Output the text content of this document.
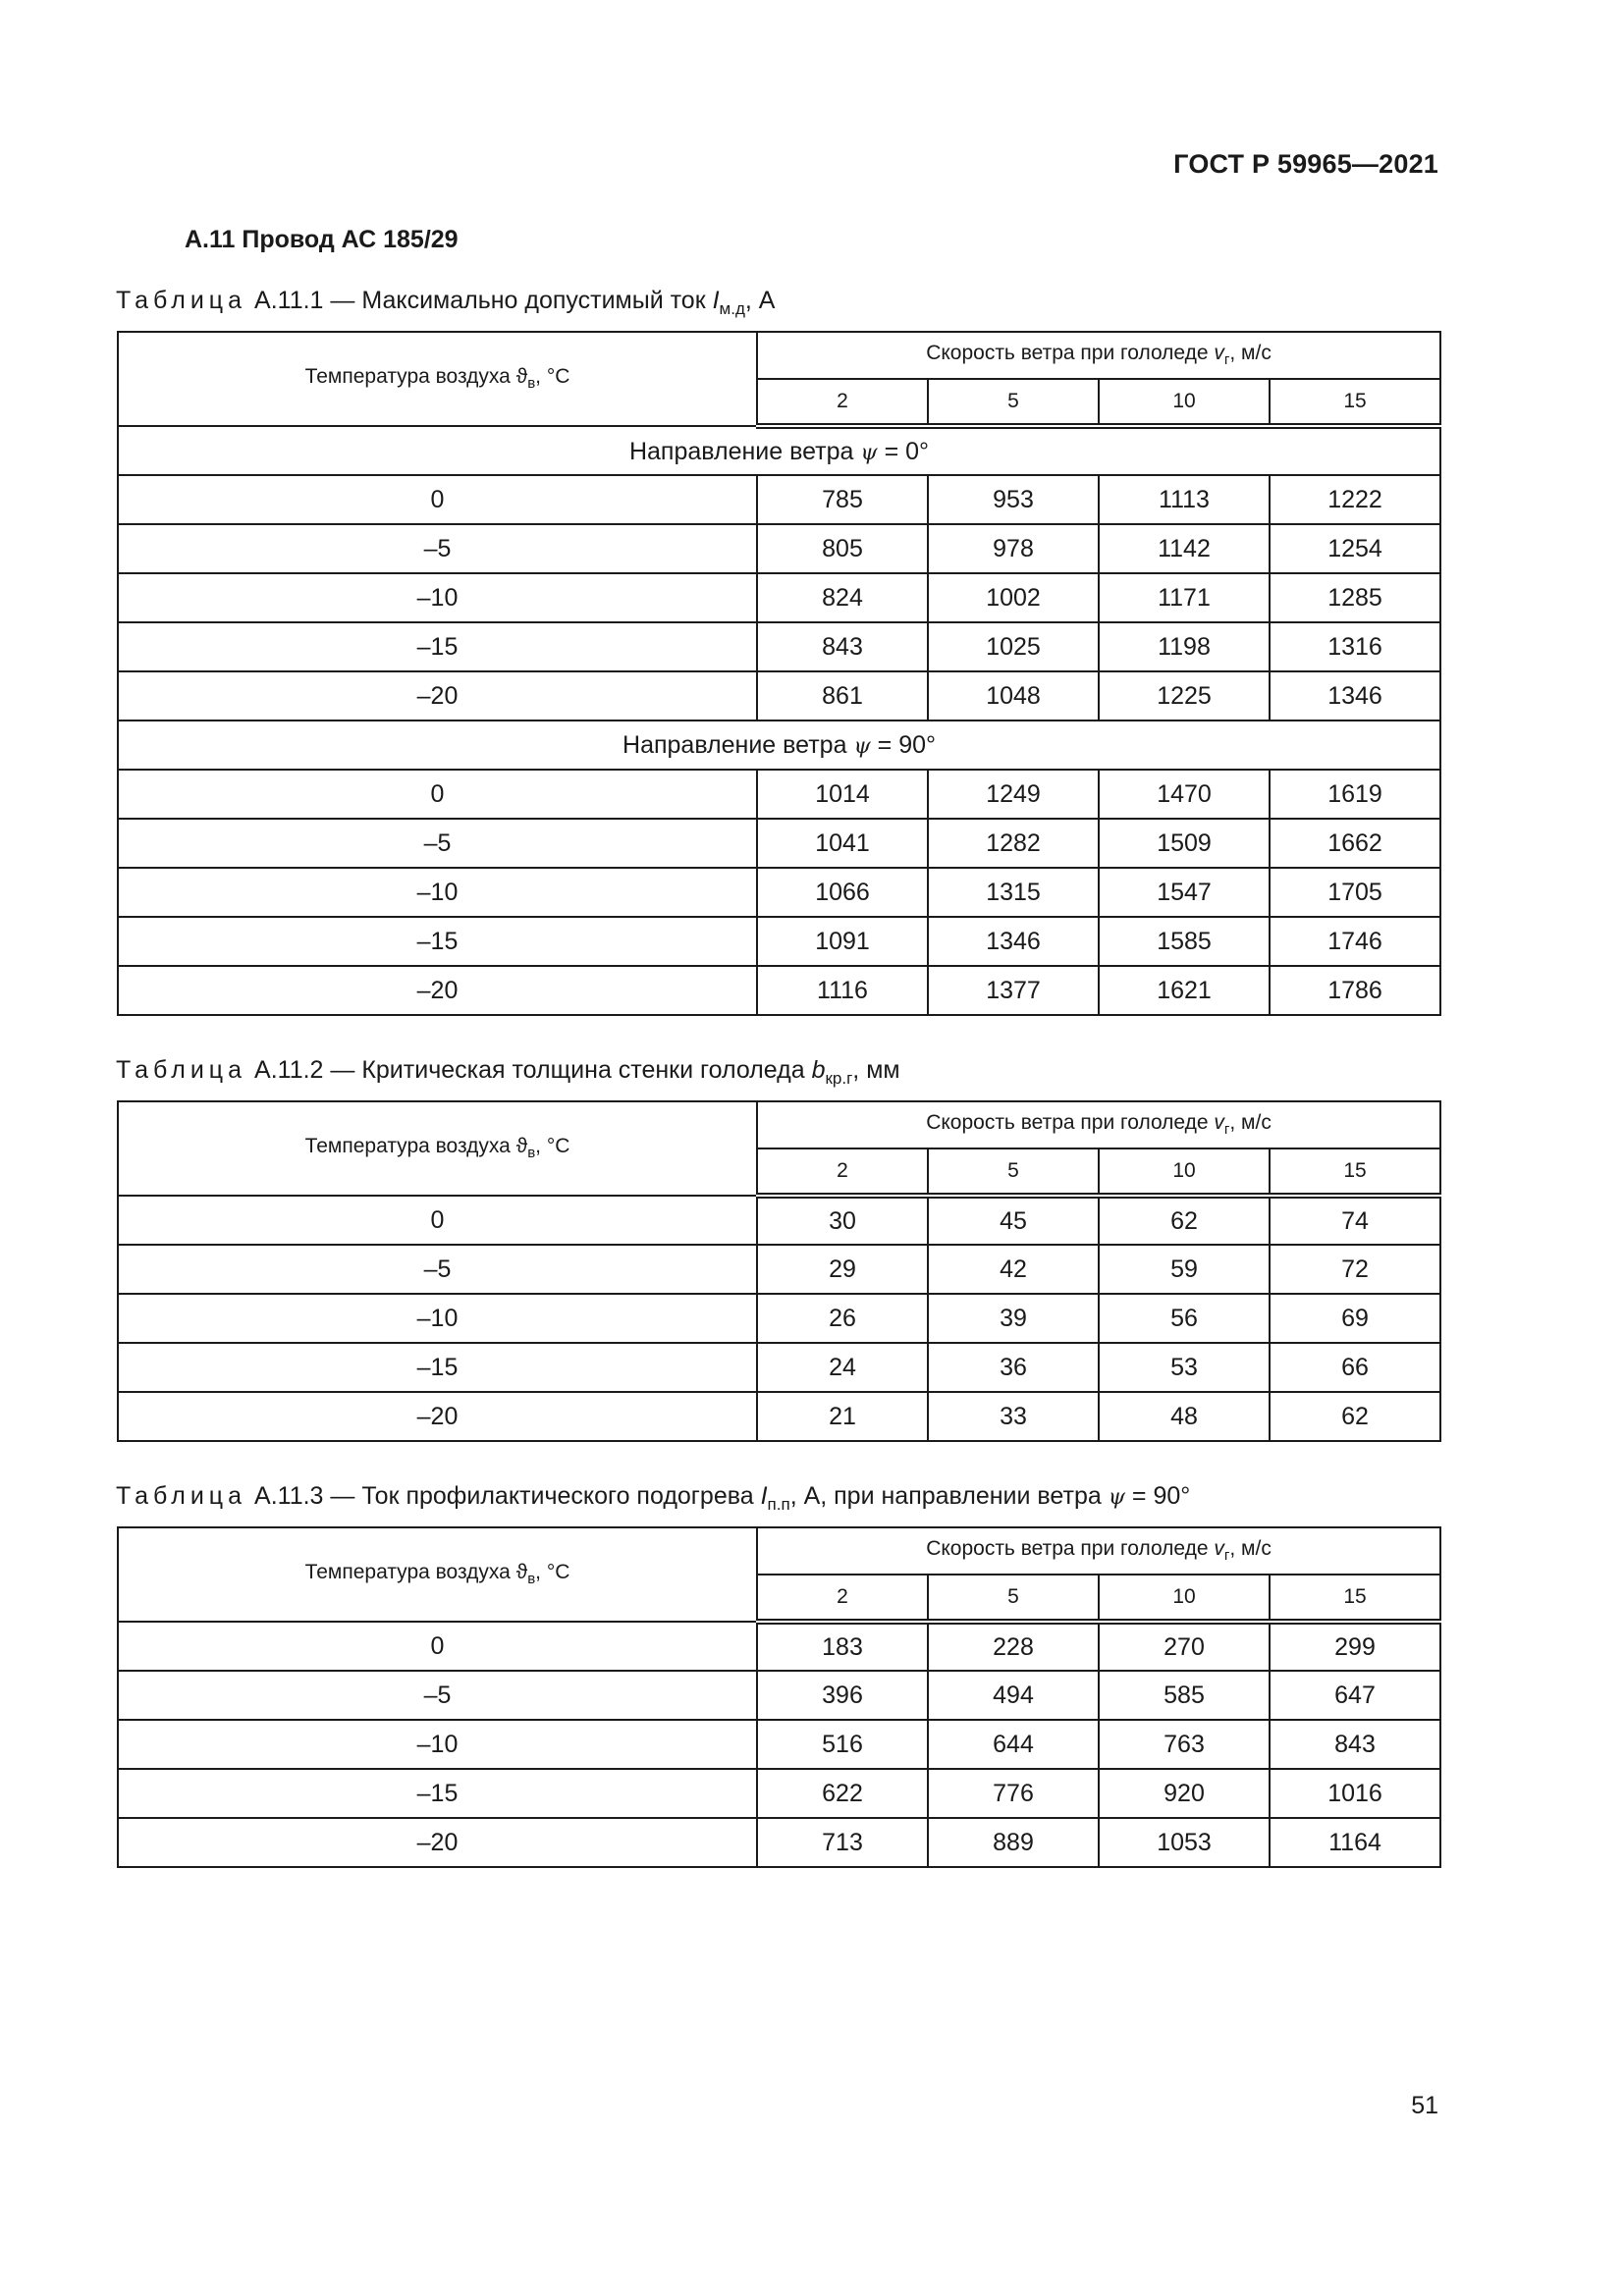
ГОСТ Р 59965—2021
А.11 Провод АС 185/29
Таблица А.11.1 — Максимально допустимый ток $I_{м.д}$, А
Температура воздуха $ϑ_в$, °С	Скорость ветра при гололеде $v_г$, м/с			
	2	5	10	15
Направление ветра ψ = 0°				
0	785	953	1113	1222
–5	805	978	1142	1254
–10	824	1002	1171	1285
–15	843	1025	1198	1316
–20	861	1048	1225	1346
Направление ветра ψ = 90°				
0	1014	1249	1470	1619
–5	1041	1282	1509	1662
–10	1066	1315	1547	1705
–15	1091	1346	1585	1746
–20	1116	1377	1621	1786
Таблица А.11.2 — Критическая толщина стенки гололеда $b_{кр.г}$, мм
Температура воздуха $ϑ_в$, °С	Скорость ветра при гололеде $v_г$, м/с			
	2	5	10	15
0	30	45	62	74
–5	29	42	59	72
–10	26	39	56	69
–15	24	36	53	66
–20	21	33	48	62
Таблица А.11.3 — Ток профилактического подогрева $I_{п.п}$, А, при направлении ветра ψ = 90°
Температура воздуха $ϑ_в$, °С	Скорость ветра при гололеде $v_г$, м/с			
	2	5	10	15
0	183	228	270	299
–5	396	494	585	647
–10	516	644	763	843
–15	622	776	920	1016
–20	713	889	1053	1164
51
